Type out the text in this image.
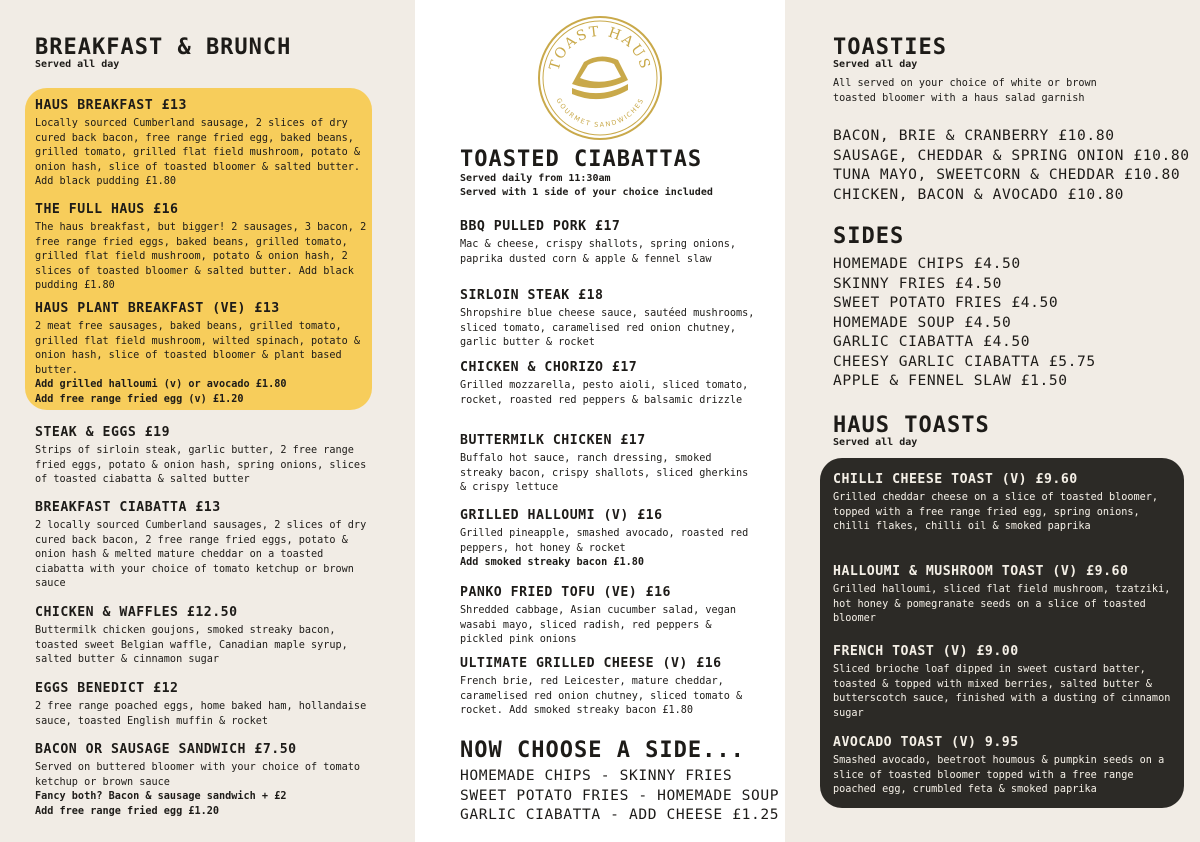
BREAKFAST & BRUNCH

Served all day

HAUS BREAKFAST £13

Locally sourced Cumberland sausage, 2 slices of dry cured back bacon, free range fried egg, baked beans, grilled tomato, grilled flat field mushroom, potato & onion hash, slice of toasted bloomer & salted butter. Add black pudding £1.80

THE FULL HAUS £16

The haus breakfast, but bigger! 2 sausages, 3 bacon, 2 free range fried eggs, baked beans, grilled tomato, grilled flat field mushroom, potato & onion hash, 2 slices of toasted bloomer & salted butter. Add black pudding £1.80

HAUS PLANT BREAKFAST (VE) £13

2 meat free sausages, baked beans, grilled tomato, grilled flat field mushroom, wilted spinach, potato & onion hash, slice of toasted bloomer & plant based butter.

Add grilled halloumi (v) or avocado £1.80

Add free range fried egg (v) £1.20

STEAK & EGGS £19

Strips of sirloin steak, garlic butter, 2 free range fried eggs, potato & onion hash, spring onions, slices of toasted ciabatta & salted butter

BREAKFAST CIABATTA £13

2 locally sourced Cumberland sausages, 2 slices of dry cured back bacon, 2 free range fried eggs, potato & onion hash & melted mature cheddar on a toasted ciabatta with your choice of tomato ketchup or brown sauce

CHICKEN & WAFFLES £12.50

Buttermilk chicken goujons, smoked streaky bacon, toasted sweet Belgian waffle, Canadian maple syrup, salted butter & cinnamon sugar

EGGS BENEDICT £12

2 free range poached eggs, home baked ham, hollandaise sauce, toasted English muffin & rocket

BACON OR SAUSAGE SANDWICH £7.50

Served on buttered bloomer with your choice of tomato ketchup or brown sauce

Fancy both? Bacon & sausage sandwich + £2

Add free range fried egg £1.20

TOAST HAUS
GOURMET SANDWICHES
TOASTED CIABATTAS

Served daily from 11:30am

Served with 1 side of your choice included

BBQ PULLED PORK £17

Mac & cheese, crispy shallots, spring onions, paprika dusted corn & apple & fennel slaw

SIRLOIN STEAK £18

Shropshire blue cheese sauce, sautéed mushrooms, sliced tomato, caramelised red onion chutney, garlic butter & rocket

CHICKEN & CHORIZO £17

Grilled mozzarella, pesto aioli, sliced tomato, rocket, roasted red peppers & balsamic drizzle

BUTTERMILK CHICKEN £17

Buffalo hot sauce, ranch dressing, smoked streaky bacon, crispy shallots, sliced gherkins & crispy lettuce

GRILLED HALLOUMI (V) £16

Grilled pineapple, smashed avocado, roasted red peppers, hot honey & rocket

Add smoked streaky bacon £1.80

PANKO FRIED TOFU (VE) £16

Shredded cabbage, Asian cucumber salad, vegan wasabi mayo, sliced radish, red peppers & pickled pink onions

ULTIMATE GRILLED CHEESE (V) £16

French brie, red Leicester, mature cheddar, caramelised red onion chutney, sliced tomato & rocket. Add smoked streaky bacon £1.80

NOW CHOOSE A SIDE...
HOMEMADE CHIPS - SKINNY FRIES
SWEET POTATO FRIES - HOMEMADE SOUP
GARLIC CIABATTA - ADD CHEESE £1.25
TOASTIES

Served all day

All served on your choice of white or brown toasted bloomer with a haus salad garnish

BACON, BRIE & CRANBERRY £10.80
SAUSAGE, CHEDDAR & SPRING ONION £10.80
TUNA MAYO, SWEETCORN & CHEDDAR £10.80
CHICKEN, BACON & AVOCADO £10.80
SIDES
HOMEMADE CHIPS £4.50
SKINNY FRIES £4.50
SWEET POTATO FRIES £4.50
HOMEMADE SOUP £4.50
GARLIC CIABATTA £4.50
CHEESY GARLIC CIABATTA £5.75
APPLE & FENNEL SLAW £1.50
HAUS TOASTS

Served all day

CHILLI CHEESE TOAST (V) £9.60

Grilled cheddar cheese on a slice of toasted bloomer, topped with a free range fried egg, spring onions, chilli flakes, chilli oil & smoked paprika

HALLOUMI & MUSHROOM TOAST (V) £9.60

Grilled halloumi, sliced flat field mushroom, tzatziki, hot honey & pomegranate seeds on a slice of toasted bloomer

FRENCH TOAST (V) £9.00

Sliced brioche loaf dipped in sweet custard batter, toasted & topped with mixed berries, salted butter & butterscotch sauce, finished with a dusting of cinnamon sugar

AVOCADO TOAST (V) 9.95

Smashed avocado, beetroot houmous & pumpkin seeds on a slice of toasted bloomer topped with a free range poached egg, crumbled feta & smoked paprika
